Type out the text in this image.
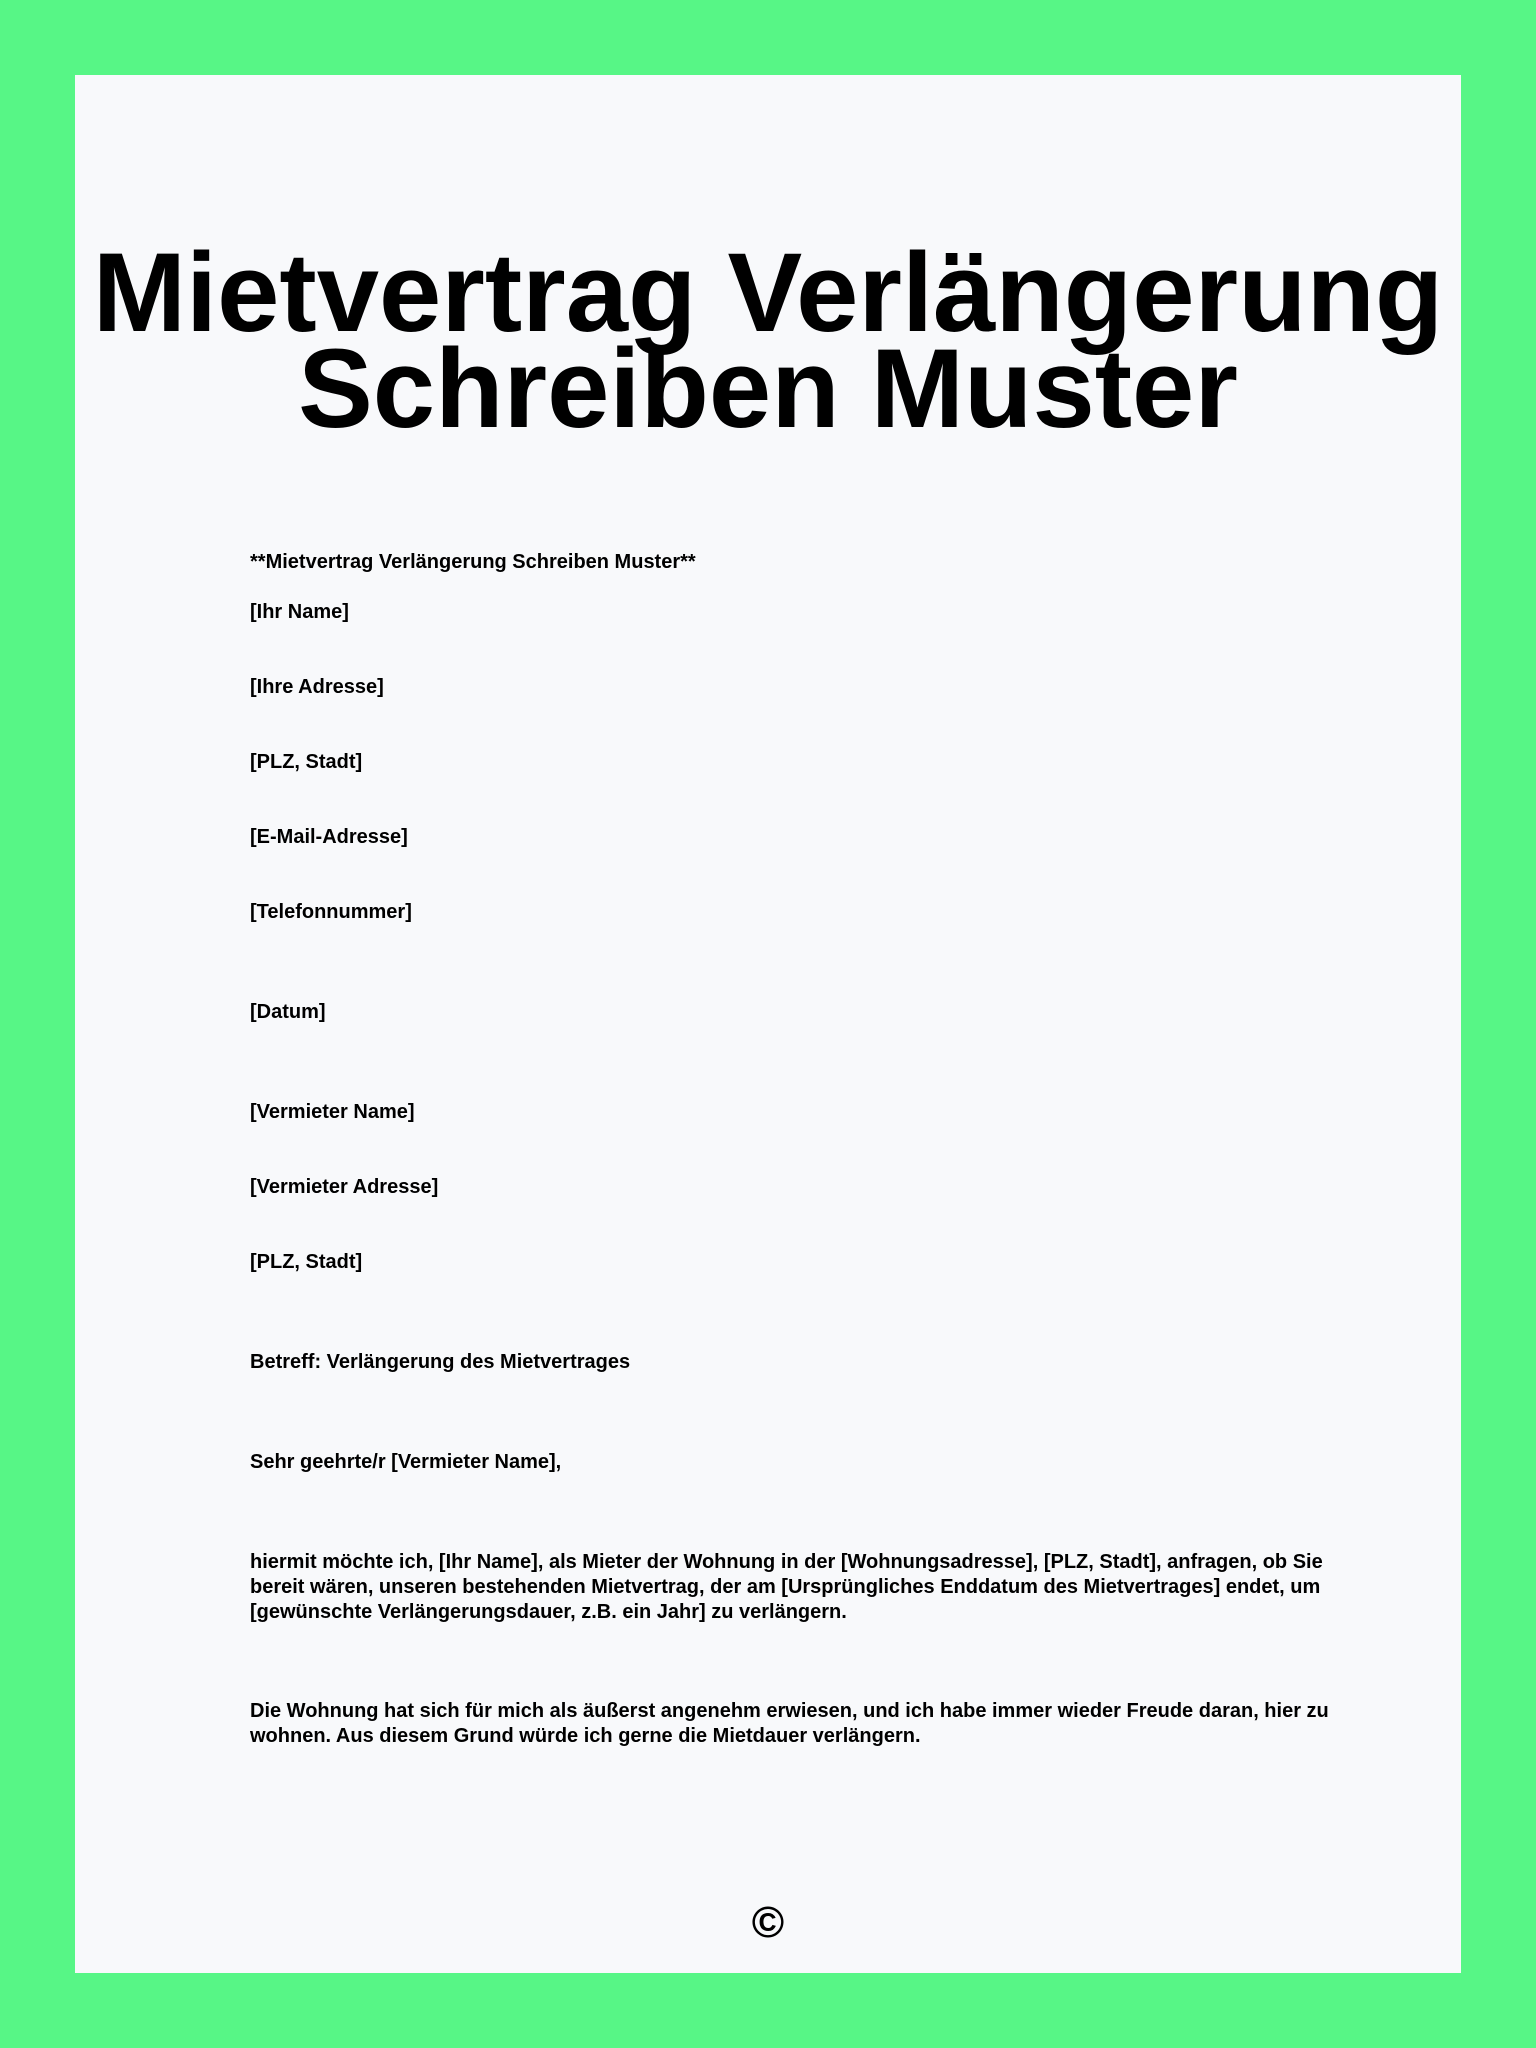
Mietvertrag Verlängerung
Schreiben Muster

**Mietvertrag Verlängerung Schreiben Muster**

[Ihr Name]

[Ihre Adresse]

[PLZ, Stadt]

[E-Mail-Adresse]

[Telefonnummer]

[Datum]

[Vermieter Name]

[Vermieter Adresse]

[PLZ, Stadt]

Betreff: Verlängerung des Mietvertrages

Sehr geehrte/r [Vermieter Name],

hiermit möchte ich, [Ihr Name], als Mieter der Wohnung in der [Wohnungsadresse], [PLZ, Stadt], anfragen, ob Sie bereit wären, unseren bestehenden Mietvertrag, der am [Ursprüngliches Enddatum des Mietvertrages] endet, um [gewünschte Verlängerungsdauer, z.B. ein Jahr] zu verlängern.

Die Wohnung hat sich für mich als äußerst angenehm erwiesen, und ich habe immer wieder Freude daran, hier zu wohnen. Aus diesem Grund würde ich gerne die Mietdauer verlängern.

©
